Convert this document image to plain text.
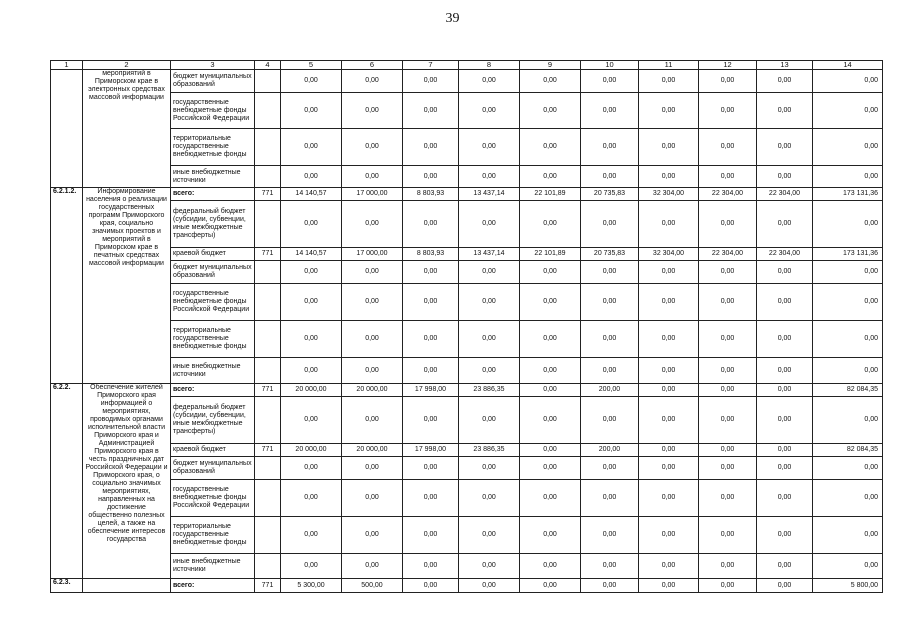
39
1	2	3	4	5	6	7	8	9	10	11	12	13	14
	мероприятий в Приморском крае в электронных средствах массовой информации	бюджет муниципальных образований		0,00	0,00	0,00	0,00	0,00	0,00	0,00	0,00	0,00	0,00
		государственные внебюджетные фонды Российской Федерации		0,00	0,00	0,00	0,00	0,00	0,00	0,00	0,00	0,00	0,00
		территориальные государственные внебюджетные фонды		0,00	0,00	0,00	0,00	0,00	0,00	0,00	0,00	0,00	0,00
		иные внебюджетные источники		0,00	0,00	0,00	0,00	0,00	0,00	0,00	0,00	0,00	0,00
6.2.1.2.	Информирование населения о реализации государственных программ Приморского края, социально значимых проектов и мероприятий в Приморском крае в печатных средствах массовой информации	всего:	771	14 140,57	17 000,00	8 803,93	13 437,14	22 101,89	20 735,83	32 304,00	22 304,00	22 304,00	173 131,36
		федеральный бюджет (субсидии, субвенции, иные межбюджетные трансферты)		0,00	0,00	0,00	0,00	0,00	0,00	0,00	0,00	0,00	0,00
		краевой бюджет	771	14 140,57	17 000,00	8 803,93	13 437,14	22 101,89	20 735,83	32 304,00	22 304,00	22 304,00	173 131,36
		бюджет муниципальных образований		0,00	0,00	0,00	0,00	0,00	0,00	0,00	0,00	0,00	0,00
		государственные внебюджетные фонды Российской Федерации		0,00	0,00	0,00	0,00	0,00	0,00	0,00	0,00	0,00	0,00
		территориальные государственные внебюджетные фонды		0,00	0,00	0,00	0,00	0,00	0,00	0,00	0,00	0,00	0,00
		иные внебюджетные источники		0,00	0,00	0,00	0,00	0,00	0,00	0,00	0,00	0,00	0,00
6.2.2.	Обеспечение жителей Приморского края информацией о мероприятиях, проводимых органами исполнительной власти Приморского края и Администрацией Приморского края в честь праздничных дат Российской Федерации и Приморского края, о социально значимых мероприятиях, направленных на достижение общественно полезных целей, а также на обеспечение интересов государства	всего:	771	20 000,00	20 000,00	17 998,00	23 886,35	0,00	200,00	0,00	0,00	0,00	82 084,35
		федеральный бюджет (субсидии, субвенции, иные межбюджетные трансферты)		0,00	0,00	0,00	0,00	0,00	0,00	0,00	0,00	0,00	0,00
		краевой бюджет	771	20 000,00	20 000,00	17 998,00	23 886,35	0,00	200,00	0,00	0,00	0,00	82 084,35
		бюджет муниципальных образований		0,00	0,00	0,00	0,00	0,00	0,00	0,00	0,00	0,00	0,00
		государственные внебюджетные фонды Российской Федерации		0,00	0,00	0,00	0,00	0,00	0,00	0,00	0,00	0,00	0,00
		территориальные государственные внебюджетные фонды		0,00	0,00	0,00	0,00	0,00	0,00	0,00	0,00	0,00	0,00
		иные внебюджетные источники		0,00	0,00	0,00	0,00	0,00	0,00	0,00	0,00	0,00	0,00
6.2.3.		всего:	771	5 300,00	500,00	0,00	0,00	0,00	0,00	0,00	0,00	0,00	5 800,00
